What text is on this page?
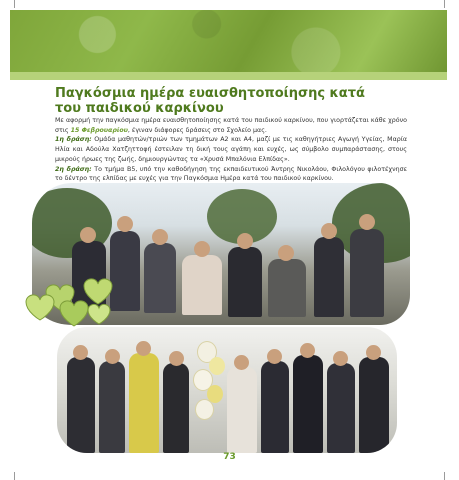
Παγκόσμια ημέρα ευαισθητοποίησης κατά του παιδικού καρκίνου

Με αφορμή την παγκόσμια ημέρα ευαισθητοποίησης κατά του παιδικού καρκίνου, που γιορτάζεται κάθε χρόνο στις 15 Φεβρουαρίου, έγιναν διάφορες δράσεις στο Σχολείο μας.

1η δράση: Ομάδα μαθητών/τριών των τμημάτων Α2 και Α4, μαζί με τις καθηγήτριες Αγωγή Υγείας, Μαρία Ηλία και Αδούλα Χατζηττοφή έστειλαν τη δική τους αγάπη και ευχές, ως σύμβολο συμπαράστασης, στους μικρούς ήρωες της ζωής, δημιουργώντας τα «Χρυσά Μπαλόνια Ελπίδας».

2η δράση: Το τμήμα Β5, υπό την καθοδήγηση της εκπαιδευτικού Άντρης Νικολάου, Φιλολόγου φιλοτέχνησε το δέντρο της ελπίδας με ευχές για την Παγκόσμια Ημέρα κατά του παιδικού καρκίνου.

73
